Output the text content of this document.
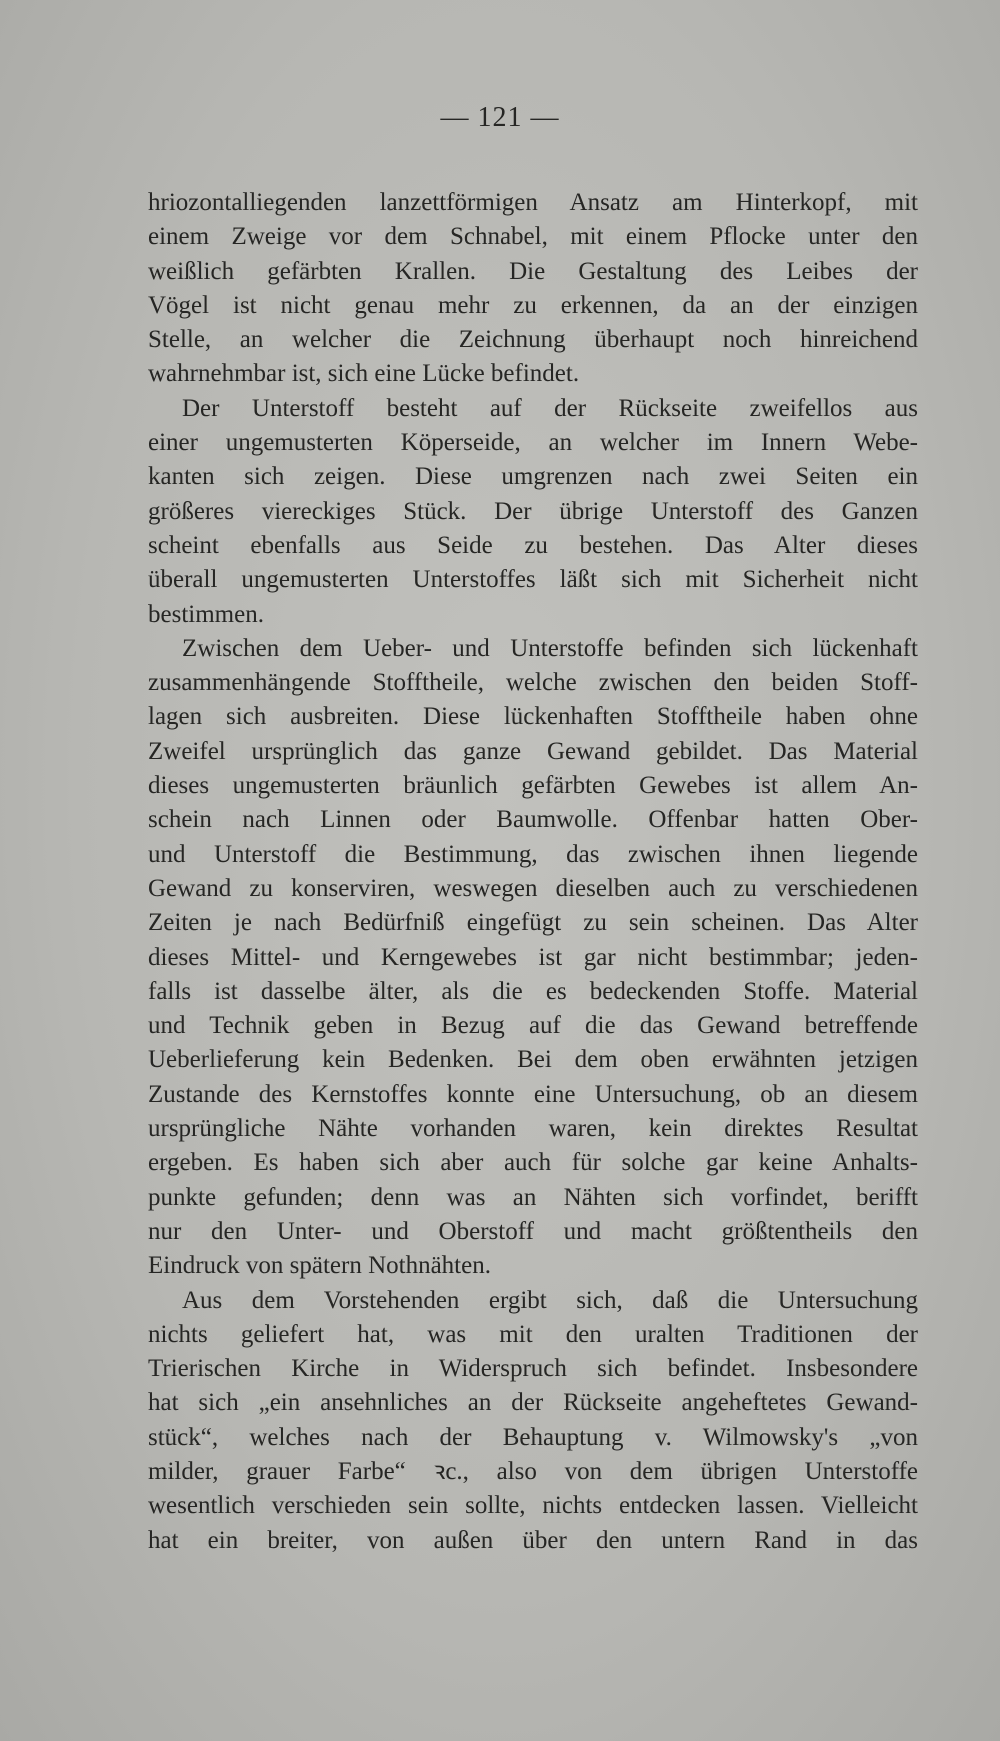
— 121 —
hriozontalliegenden lanzettförmigen Ansatz am Hinterkopf, mit
einem Zweige vor dem Schnabel, mit einem Pflocke unter den
weißlich gefärbten Krallen. Die Gestaltung des Leibes der
Vögel ist nicht genau mehr zu erkennen, da an der einzigen
Stelle, an welcher die Zeichnung überhaupt noch hinreichend
wahrnehmbar ist, sich eine Lücke befindet.
Der Unterstoff besteht auf der Rückseite zweifellos aus
einer ungemusterten Köperseide, an welcher im Innern Webe-
kanten sich zeigen. Diese umgrenzen nach zwei Seiten ein
größeres viereckiges Stück. Der übrige Unterstoff des Ganzen
scheint ebenfalls aus Seide zu bestehen. Das Alter dieses
überall ungemusterten Unterstoffes läßt sich mit Sicherheit nicht
bestimmen.
Zwischen dem Ueber- und Unterstoffe befinden sich lückenhaft
zusammenhängende Stofftheile, welche zwischen den beiden Stoff-
lagen sich ausbreiten. Diese lückenhaften Stofftheile haben ohne
Zweifel ursprünglich das ganze Gewand gebildet. Das Material
dieses ungemusterten bräunlich gefärbten Gewebes ist allem An-
schein nach Linnen oder Baumwolle. Offenbar hatten Ober-
und Unterstoff die Bestimmung, das zwischen ihnen liegende
Gewand zu konserviren, weswegen dieselben auch zu verschiedenen
Zeiten je nach Bedürfniß eingefügt zu sein scheinen. Das Alter
dieses Mittel- und Kerngewebes ist gar nicht bestimmbar; jeden-
falls ist dasselbe älter, als die es bedeckenden Stoffe. Material
und Technik geben in Bezug auf die das Gewand betreffende
Ueberlieferung kein Bedenken. Bei dem oben erwähnten jetzigen
Zustande des Kernstoffes konnte eine Untersuchung, ob an diesem
ursprüngliche Nähte vorhanden waren, kein direktes Resultat
ergeben. Es haben sich aber auch für solche gar keine Anhalts-
punkte gefunden; denn was an Nähten sich vorfindet, berifft
nur den Unter- und Oberstoff und macht größtentheils den
Eindruck von spätern Nothnähten.
Aus dem Vorstehenden ergibt sich, daß die Untersuchung
nichts geliefert hat, was mit den uralten Traditionen der
Trierischen Kirche in Widerspruch sich befindet. Insbesondere
hat sich „ein ansehnliches an der Rückseite angeheftetes Gewand-
stück“, welches nach der Behauptung v. Wilmowsky's „von
milder, grauer Farbe“ ꝛc., also von dem übrigen Unterstoffe
wesentlich verschieden sein sollte, nichts entdecken lassen. Vielleicht
hat ein breiter, von außen über den untern Rand in das
